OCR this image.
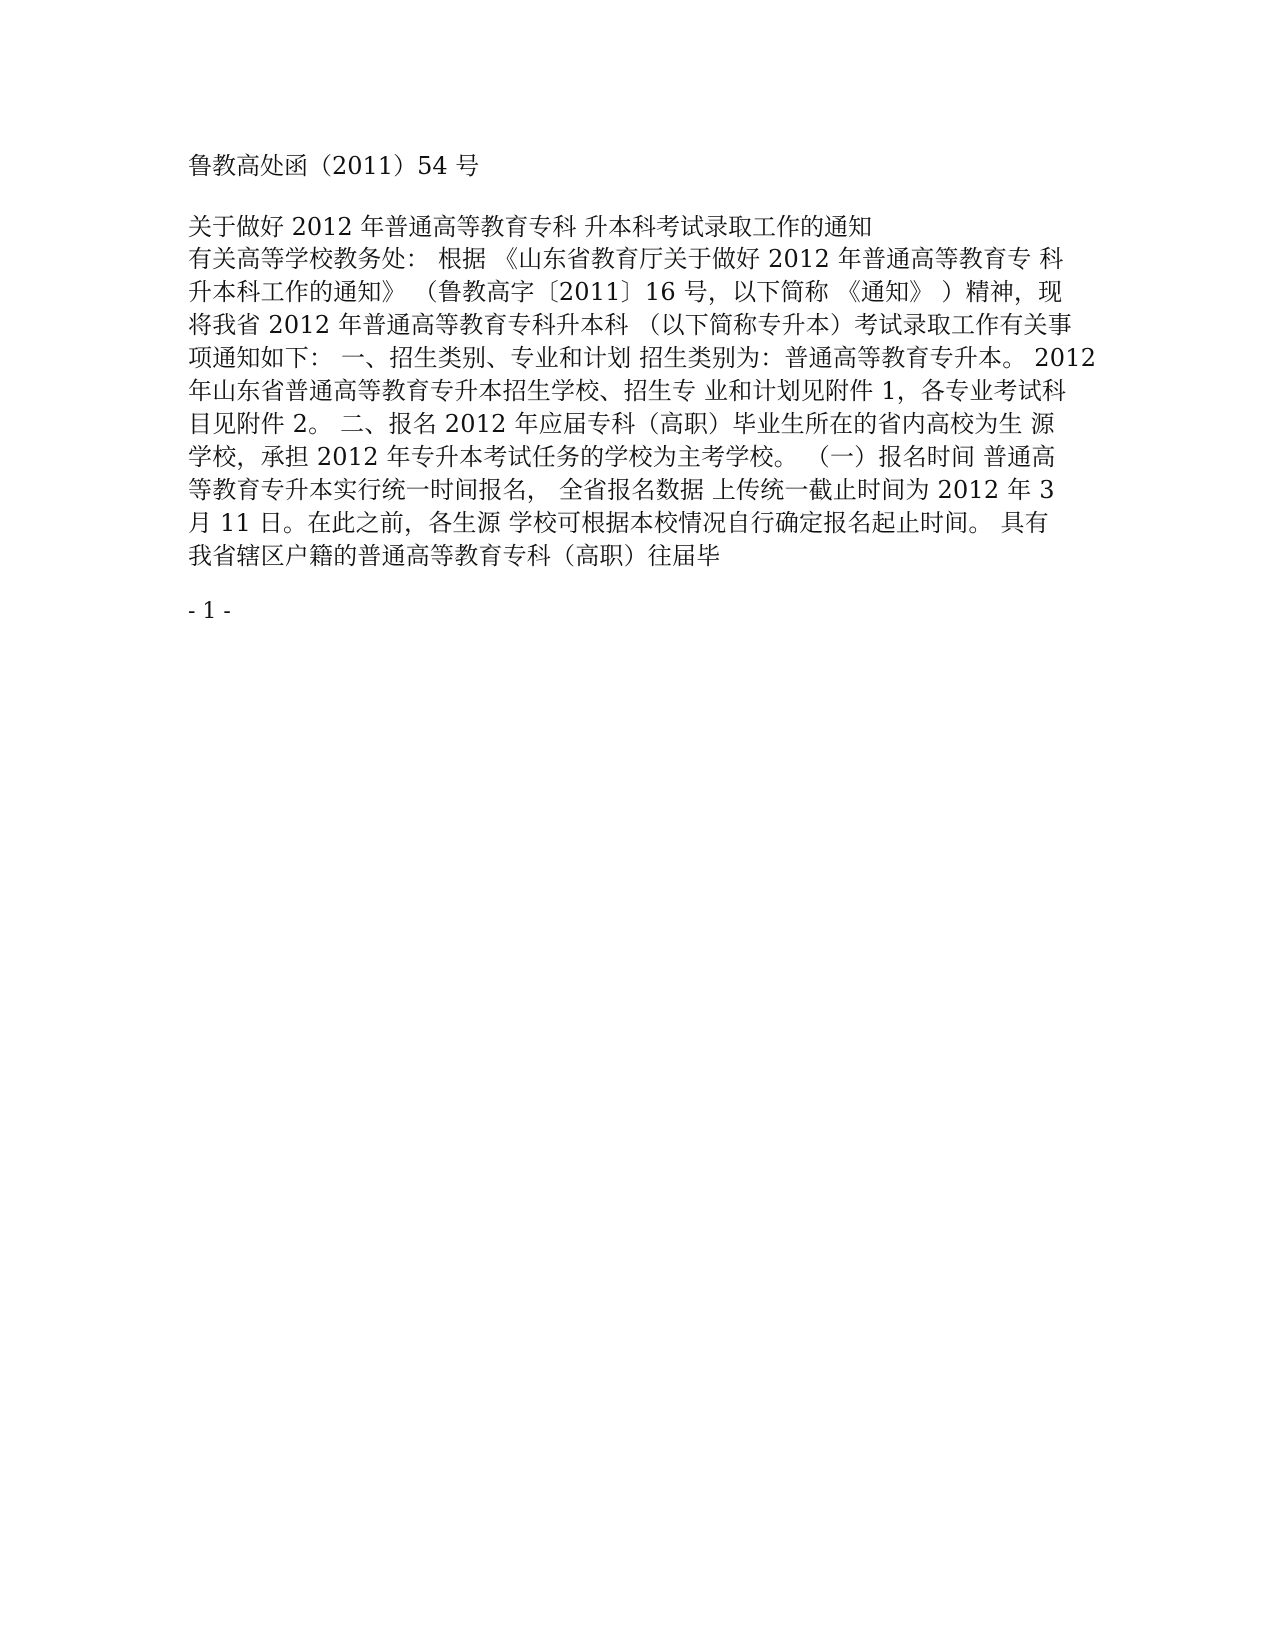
鲁教高处函（2011）54 号
关于做好 2012 年普通高等教育专科 升本科考试录取工作的通知
有关高等学校教务处： 根据 《山东省教育厅关于做好 2012 年普通高等教育专 科
升本科工作的通知》 （鲁教高字〔2011〕16 号，以下简称 《通知》 ）精神，现
将我省 2012 年普通高等教育专科升本科 （以下简称专升本）考试录取工作有关事
项通知如下： 一、招生类别、专业和计划 招生类别为：普通高等教育专升本。 2012
年山东省普通高等教育专升本招生学校、招生专 业和计划见附件 1，各专业考试科
目见附件 2。 二、报名 2012 年应届专科（高职）毕业生所在的省内高校为生 源
学校，承担 2012 年专升本考试任务的学校为主考学校。 （一）报名时间 普通高
等教育专升本实行统一时间报名， 全省报名数据 上传统一截止时间为 2012 年 3
月 11 日。在此之前，各生源 学校可根据本校情况自行确定报名起止时间。 具有
我省辖区户籍的普通高等教育专科（高职）往届毕
- 1 -
